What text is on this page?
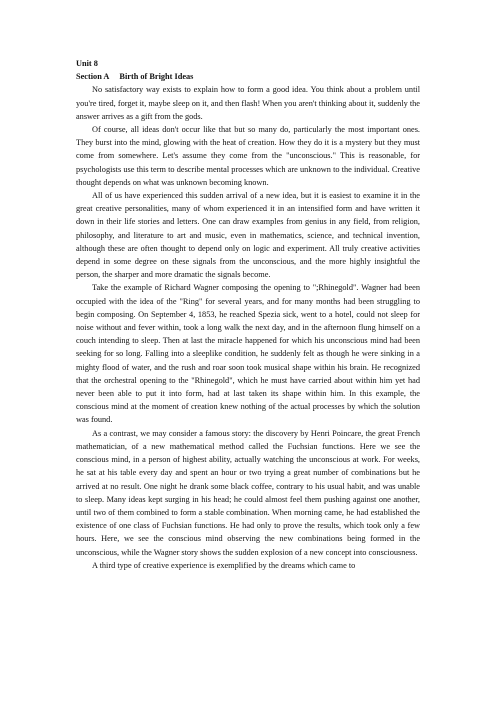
Unit 8
Section A Birth of Bright Ideas

No satisfactory way exists to explain how to form a good idea. You think about a problem until you're tired, forget it, maybe sleep on it, and then flash! When you aren't thinking about it, suddenly the answer arrives as a gift from the gods.

Of course, all ideas don't occur like that but so many do, particularly the most important ones. They burst into the mind, glowing with the heat of creation. How they do it is a mystery but they must come from somewhere. Let's assume they come from the "unconscious." This is reasonable, for psychologists use this term to describe mental processes which are unknown to the individual. Creative thought depends on what was unknown becoming known.

All of us have experienced this sudden arrival of a new idea, but it is easiest to examine it in the great creative personalities, many of whom experienced it in an intensified form and have written it down in their life stories and letters. One can draw examples from genius in any field, from religion, philosophy, and literature to art and music, even in mathematics, science, and technical invention, although these are often thought to depend only on logic and experiment. All truly creative activities depend in some degree on these signals from the unconscious, and the more highly insightful the person, the sharper and more dramatic the signals become.

Take the example of Richard Wagner composing the opening to ";Rhinegold". Wagner had been occupied with the idea of the "Ring" for several years, and for many months had been struggling to begin composing. On September 4, 1853, he reached Spezia sick, went to a hotel, could not sleep for noise without and fever within, took a long walk the next day, and in the afternoon flung himself on a couch intending to sleep. Then at last the miracle happened for which his unconscious mind had been seeking for so long. Falling into a sleeplike condition, he suddenly felt as though he were sinking in a mighty flood of water, and the rush and roar soon took musical shape within his brain. He recognized that the orchestral opening to the "Rhinegold", which he must have carried about within him yet had never been able to put it into form, had at last taken its shape within him. In this example, the conscious mind at the moment of creation knew nothing of the actual processes by which the solution was found.

As a contrast, we may consider a famous story: the discovery by Henri Poincare, the great French mathematician, of a new mathematical method called the Fuchsian functions. Here we see the conscious mind, in a person of highest ability, actually watching the unconscious at work. For weeks, he sat at his table every day and spent an hour or two trying a great number of combinations but he arrived at no result. One night he drank some black coffee, contrary to his usual habit, and was unable to sleep. Many ideas kept surging in his head; he could almost feel them pushing against one another, until two of them combined to form a stable combination. When morning came, he had established the existence of one class of Fuchsian functions. He had only to prove the results, which took only a few hours. Here, we see the conscious mind observing the new combinations being formed in the unconscious, while the Wagner story shows the sudden explosion of a new concept into consciousness.

A third type of creative experience is exemplified by the dreams which came to
